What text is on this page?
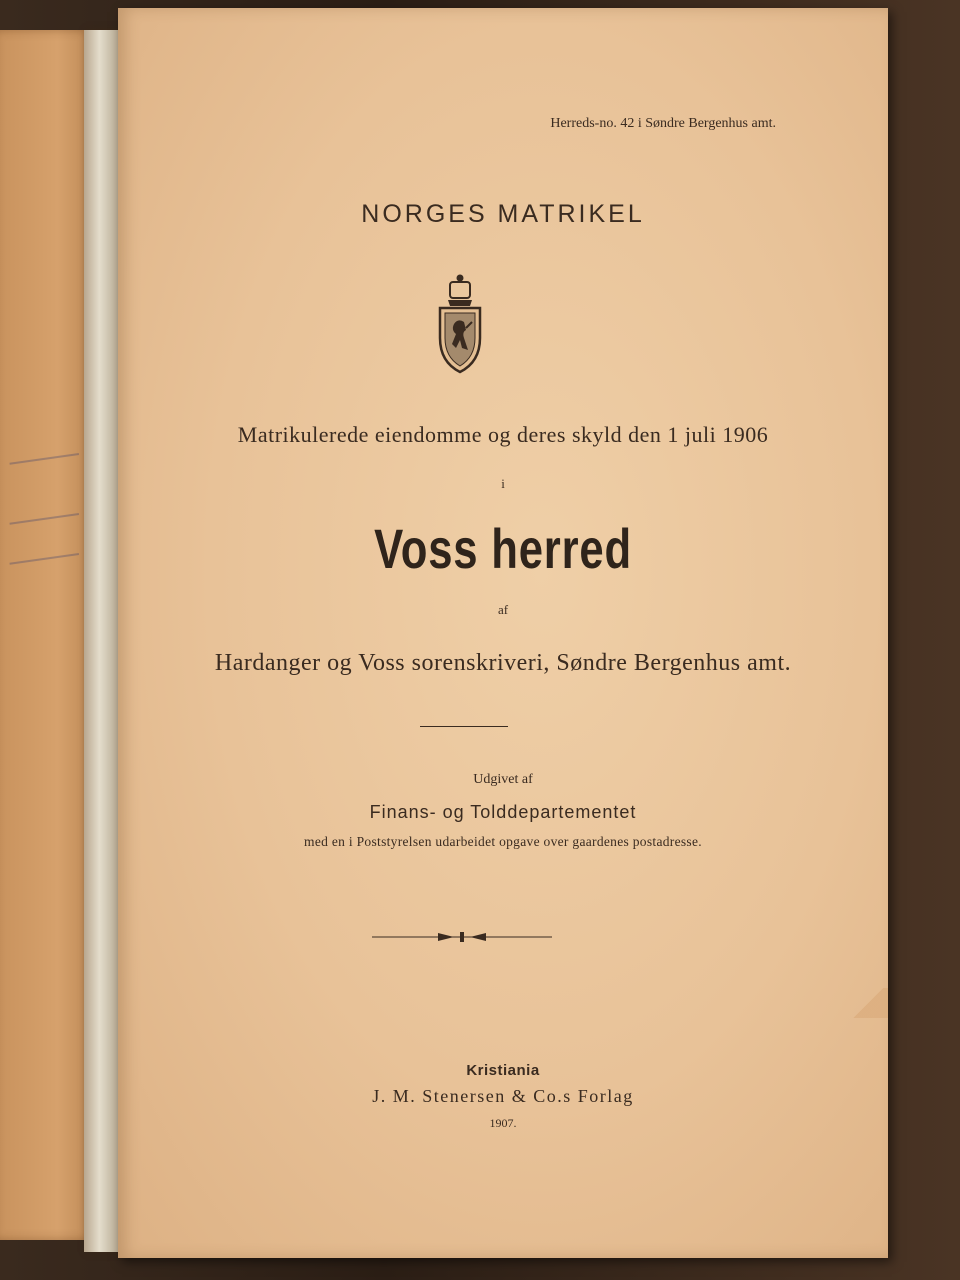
Herreds-no. 42 i Søndre Bergenhus amt.
NORGES MATRIKEL
Matrikulerede eiendomme og deres skyld den 1 juli 1906
i
Voss herred
af
Hardanger og Voss sorenskriveri, Søndre Bergenhus amt.
Udgivet af
Finans- og Tolddepartementet
med en i Poststyrelsen udarbeidet opgave over gaardenes postadresse.
Kristiania
J. M. Stenersen & Co.s Forlag
1907.
